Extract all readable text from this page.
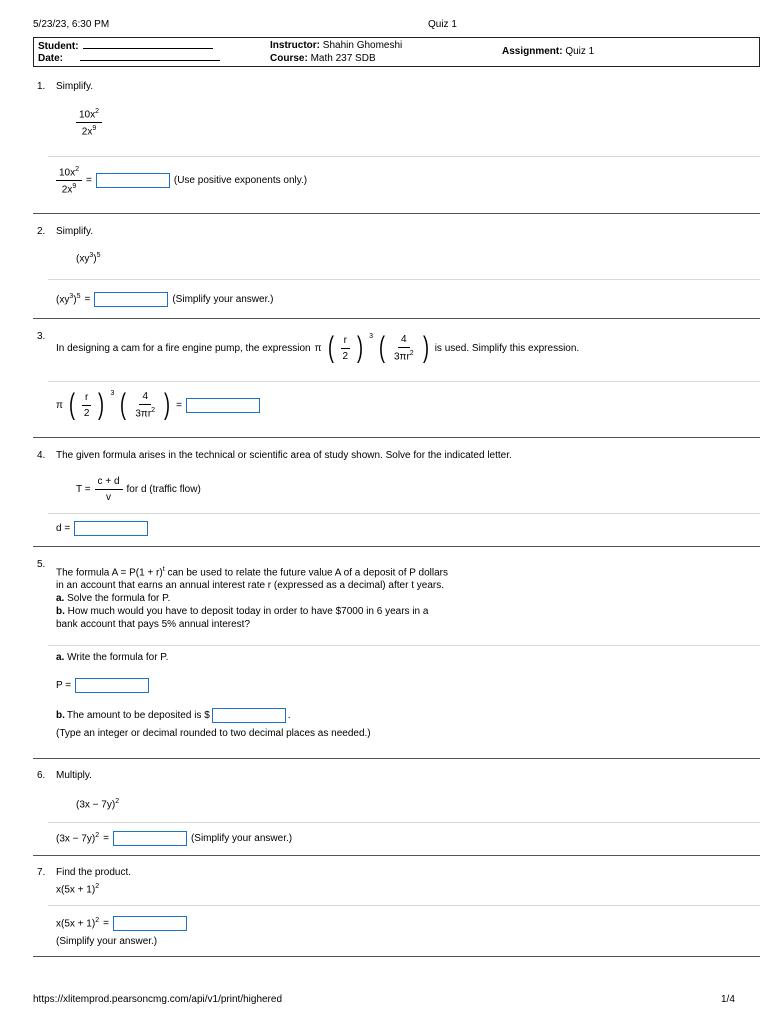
5/23/23, 6:30 PM	Quiz 1
Student:
Date:
Instructor: Shahin Ghomeshi
Course: Math 237 SDB
Assignment: Quiz 1
1. Simplify.
$\frac{10x^2}{2x^9}$
$\frac{10x^2}{2x^9}$ =	(Use positive exponents only.)
2. Simplify.
$(xy^3)^5$
$(xy^3)^5$ =	(Simplify your answer.)
3.
In designing a cam for a fire engine pump, the expression π ( $\frac{r}{2}$ ) $^3$ ( $\frac{4}{3\pi r^2}$ ) is used. Simplify this expression.
π ( $\frac{r}{2}$ ) $^3$ ( $\frac{4}{3\pi r^2}$ ) =
4. The given formula arises in the technical or scientific area of study shown. Solve for the indicated letter.
$T = \frac{c + d}{v}$ for d (traffic flow)
d =
5.
The formula $A = P(1 + r)^t$ can be used to relate the future value A of a deposit of P dollars
in an account that earns an annual interest rate r (expressed as a decimal) after t years.
a. Solve the formula for P.
b. How much would you have to deposit today in order to have $7000 in 6 years in a
bank account that pays 5% annual interest?
a. Write the formula for P.
P =
b. The amount to be deposited is $	.
(Type an integer or decimal rounded to two decimal places as needed.)
6. Multiply.
$(3x - 7y)^2$
$(3x - 7y)^2$ =	(Simplify your answer.)
7. Find the product.
$x(5x + 1)^2$
$x(5x + 1)^2$ =
(Simplify your answer.)
https://xlitemprod.pearsoncmg.com/api/v1/print/highered	1/4
